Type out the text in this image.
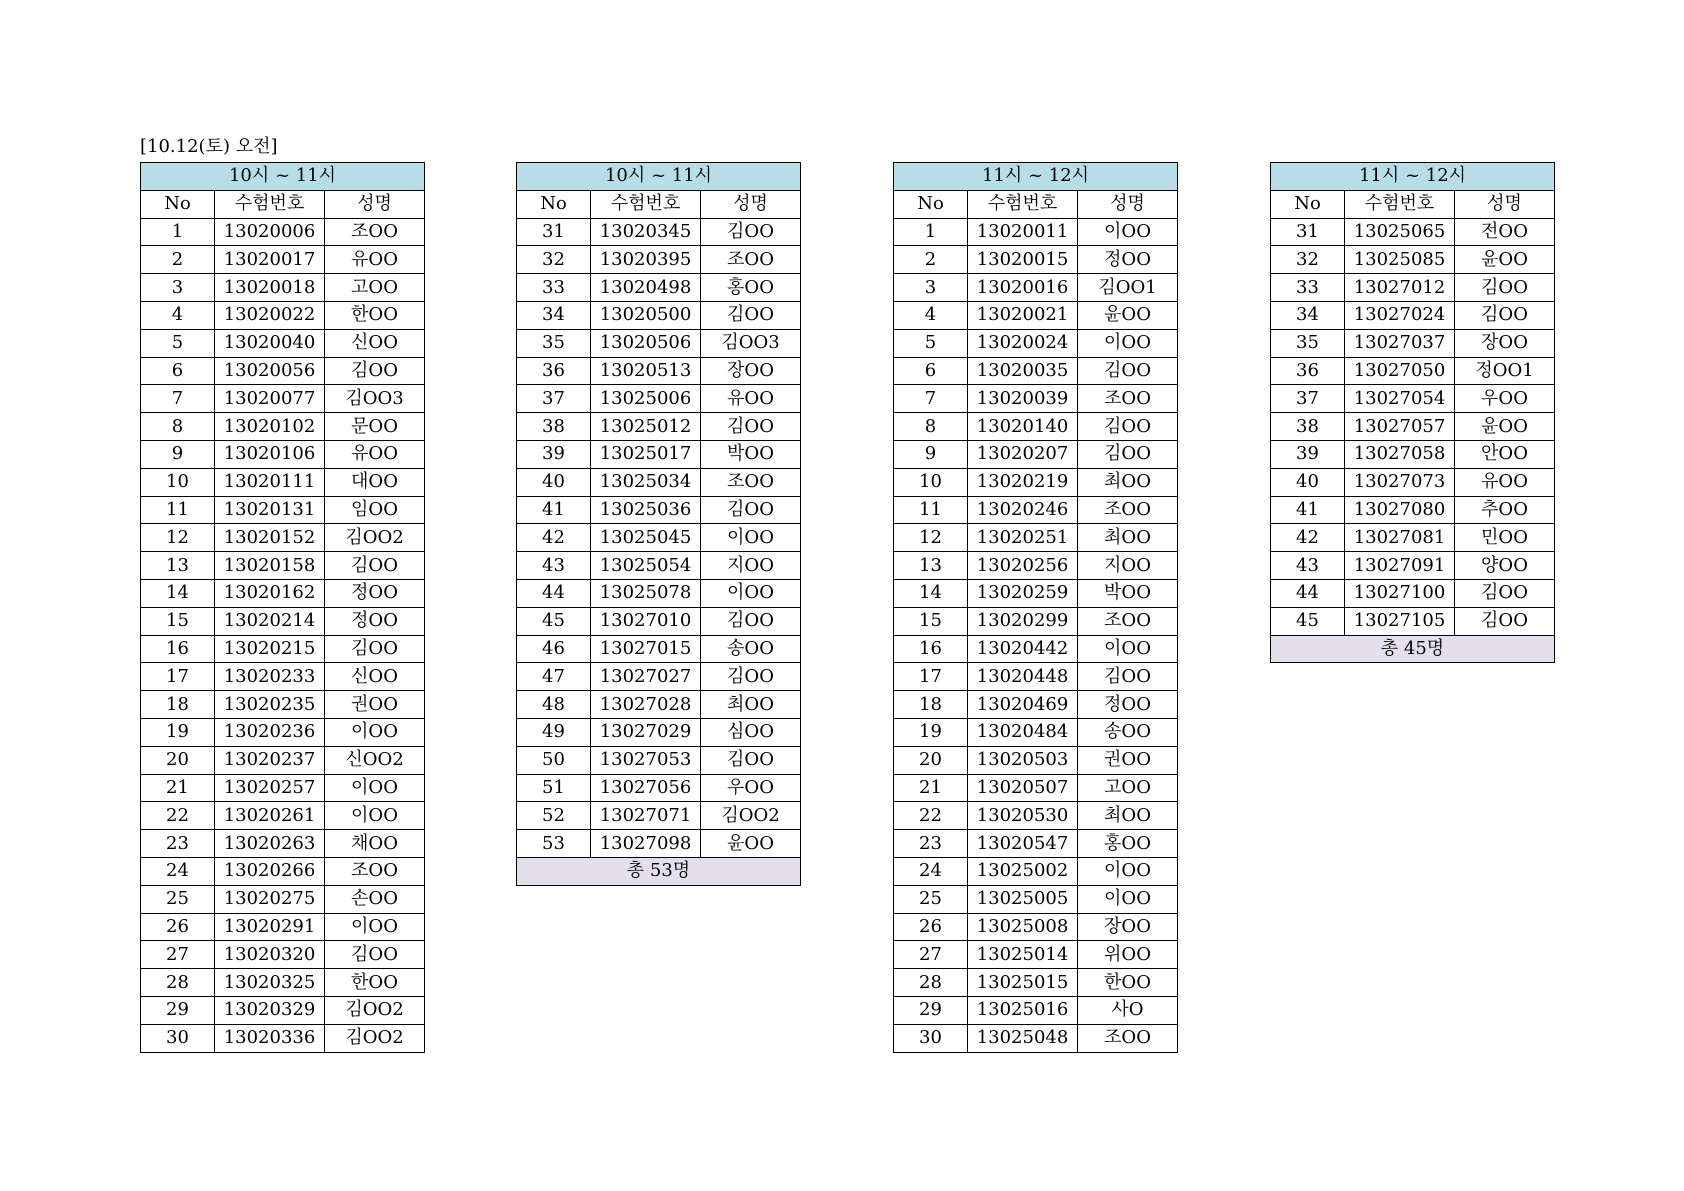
[10.12(토) 오전]
10시 ~ 11시		
No	수험번호	성명
1	13020006	조OO
2	13020017	유OO
3	13020018	고OO
4	13020022	한OO
5	13020040	신OO
6	13020056	김OO
7	13020077	김OO3
8	13020102	문OO
9	13020106	유OO
10	13020111	대OO
11	13020131	임OO
12	13020152	김OO2
13	13020158	김OO
14	13020162	정OO
15	13020214	정OO
16	13020215	김OO
17	13020233	신OO
18	13020235	권OO
19	13020236	이OO
20	13020237	신OO2
21	13020257	이OO
22	13020261	이OO
23	13020263	채OO
24	13020266	조OO
25	13020275	손OO
26	13020291	이OO
27	13020320	김OO
28	13020325	한OO
29	13020329	김OO2
30	13020336	김OO2
10시 ~ 11시		
No	수험번호	성명
31	13020345	김OO
32	13020395	조OO
33	13020498	홍OO
34	13020500	김OO
35	13020506	김OO3
36	13020513	장OO
37	13025006	유OO
38	13025012	김OO
39	13025017	박OO
40	13025034	조OO
41	13025036	김OO
42	13025045	이OO
43	13025054	지OO
44	13025078	이OO
45	13027010	김OO
46	13027015	송OO
47	13027027	김OO
48	13027028	최OO
49	13027029	심OO
50	13027053	김OO
51	13027056	우OO
52	13027071	김OO2
53	13027098	윤OO
총 53명		
11시 ~ 12시		
No	수험번호	성명
1	13020011	이OO
2	13020015	정OO
3	13020016	김OO1
4	13020021	윤OO
5	13020024	이OO
6	13020035	김OO
7	13020039	조OO
8	13020140	김OO
9	13020207	김OO
10	13020219	최OO
11	13020246	조OO
12	13020251	최OO
13	13020256	지OO
14	13020259	박OO
15	13020299	조OO
16	13020442	이OO
17	13020448	김OO
18	13020469	정OO
19	13020484	송OO
20	13020503	권OO
21	13020507	고OO
22	13020530	최OO
23	13020547	홍OO
24	13025002	이OO
25	13025005	이OO
26	13025008	장OO
27	13025014	위OO
28	13025015	한OO
29	13025016	사O
30	13025048	조OO
11시 ~ 12시		
No	수험번호	성명
31	13025065	전OO
32	13025085	윤OO
33	13027012	김OO
34	13027024	김OO
35	13027037	장OO
36	13027050	정OO1
37	13027054	우OO
38	13027057	윤OO
39	13027058	안OO
40	13027073	유OO
41	13027080	추OO
42	13027081	민OO
43	13027091	양OO
44	13027100	김OO
45	13027105	김OO
총 45명		
